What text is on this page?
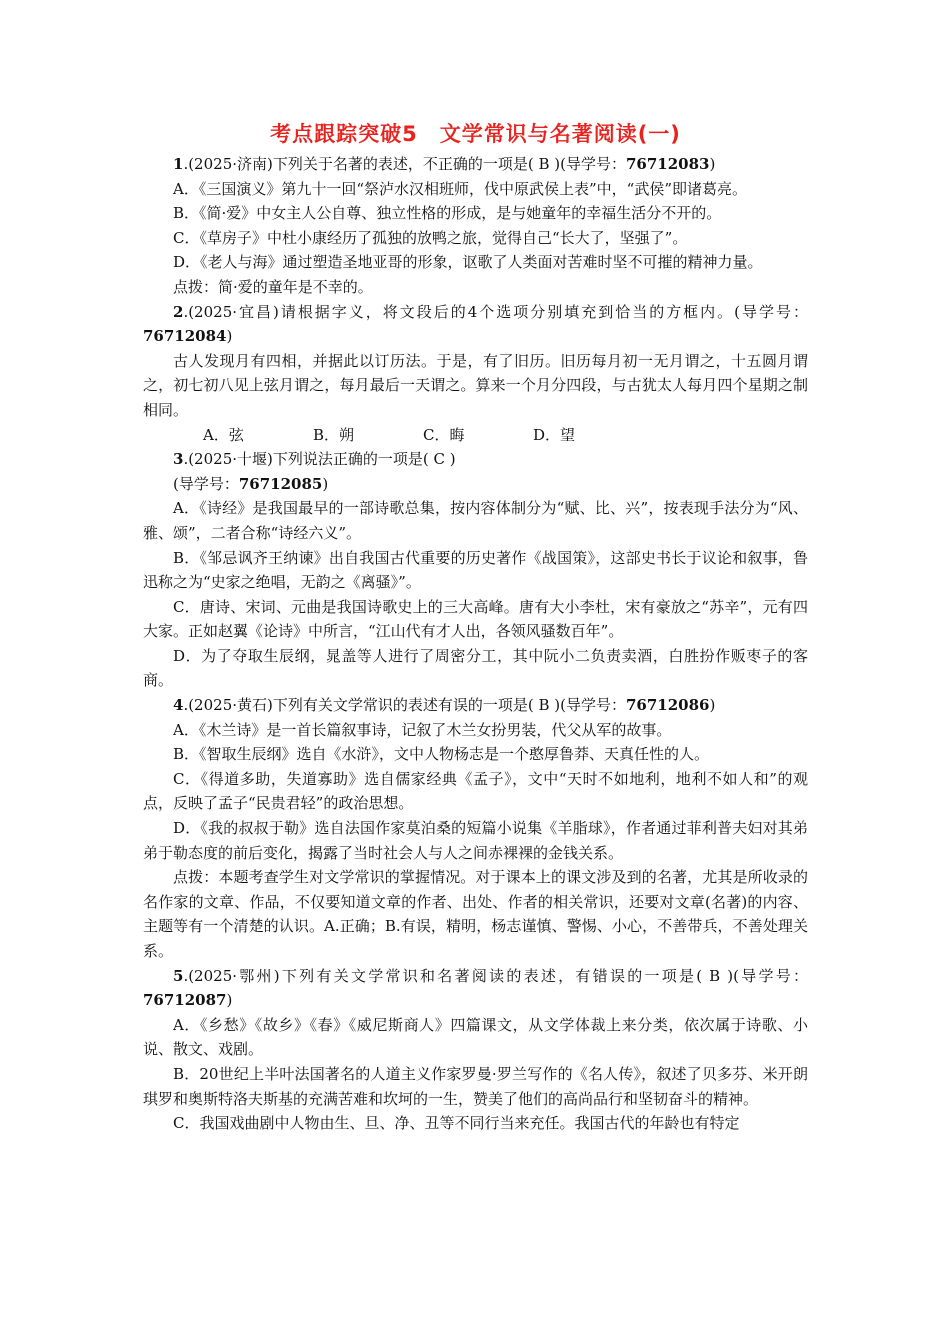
考点跟踪突破5　文学常识与名著阅读(一)

1.(2025·济南)下列关于名著的表述，不正确的一项是( B )(导学号：76712083)

A．《三国演义》第九十一回“祭泸水汉相班师，伐中原武侯上表”中，“武侯”即诸葛亮。

B．《简·爱》中女主人公自尊、独立性格的形成，是与她童年的幸福生活分不开的。

C．《草房子》中杜小康经历了孤独的放鸭之旅，觉得自己“长大了，坚强了”。

D．《老人与海》通过塑造圣地亚哥的形象，讴歌了人类面对苦难时坚不可摧的精神力量。

点拨：简·爱的童年是不幸的。

2.(2025·宜昌)请根据字义，将文段后的4个选项分别填充到恰当的方框内。(导学号：76712084)

古人发现月有四相，并据此以订历法。于是，有了旧历。旧历每月初一无月谓之，十五圆月谓之，初七初八见上弦月谓之，每月最后一天谓之。算来一个月分四段，与古犹太人每月四个星期之制相同。

A．弦	B．朔	C．晦	D．望

3.(2025·十堰)下列说法正确的一项是( C )

(导学号：76712085)

A．《诗经》是我国最早的一部诗歌总集，按内容体制分为“赋、比、兴”，按表现手法分为“风、雅、颂”，二者合称“诗经六义”。

B．《邹忌讽齐王纳谏》出自我国古代重要的历史著作《战国策》，这部史书长于议论和叙事，鲁迅称之为“史家之绝唱，无韵之《离骚》”。

C．唐诗、宋词、元曲是我国诗歌史上的三大高峰。唐有大小李杜，宋有豪放之“苏辛”，元有四大家。正如赵翼《论诗》中所言，“江山代有才人出，各领风骚数百年”。

D．为了夺取生辰纲，晁盖等人进行了周密分工，其中阮小二负责卖酒，白胜扮作贩枣子的客商。

4.(2025·黄石)下列有关文学常识的表述有误的一项是( B )(导学号：76712086)

A．《木兰诗》是一首长篇叙事诗，记叙了木兰女扮男装，代父从军的故事。

B．《智取生辰纲》选自《水浒》，文中人物杨志是一个憨厚鲁莽、天真任性的人。

C．《得道多助，失道寡助》选自儒家经典《孟子》，文中“天时不如地利，地利不如人和”的观点，反映了孟子“民贵君轻”的政治思想。

D．《我的叔叔于勒》选自法国作家莫泊桑的短篇小说集《羊脂球》，作者通过菲利普夫妇对其弟弟于勒态度的前后变化，揭露了当时社会人与人之间赤裸裸的金钱关系。

点拨：本题考查学生对文学常识的掌握情况。对于课本上的课文涉及到的名著，尤其是所收录的名作家的文章、作品，不仅要知道文章的作者、出处、作者的相关常识，还要对文章(名著)的内容、主题等有一个清楚的认识。A.正确；B.有误，精明，杨志谨慎、警惕、小心，不善带兵，不善处理关系。

5.(2025·鄂州)下列有关文学常识和名著阅读的表述，有错误的一项是( B )(导学号：76712087)

A．《乡愁》《故乡》《春》《威尼斯商人》四篇课文，从文学体裁上来分类，依次属于诗歌、小说、散文、戏剧。

B．20世纪上半叶法国著名的人道主义作家罗曼·罗兰写作的《名人传》，叙述了贝多芬、米开朗琪罗和奥斯特洛夫斯基的充满苦难和坎坷的一生，赞美了他们的高尚品行和坚韧奋斗的精神。

C．我国戏曲剧中人物由生、旦、净、丑等不同行当来充任。我国古代的年龄也有特定
